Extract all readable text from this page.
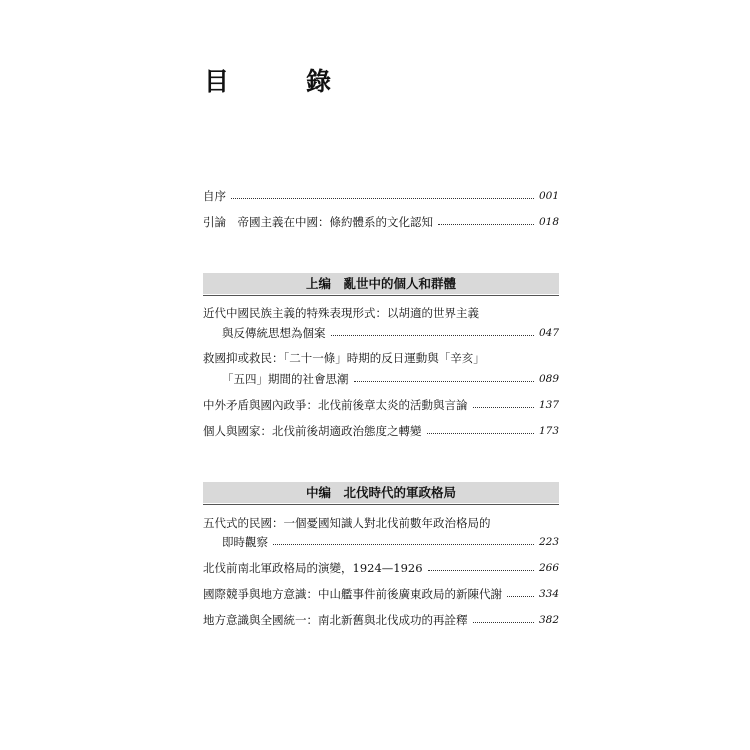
目　錄
自序	001
引論　帝國主義在中國：條約體系的文化認知	018
上编　亂世中的個人和群體
近代中國民族主義的特殊表現形式：以胡適的世界主義
與反傳統思想為個案	047
救國抑或救民：「二十一條」時期的反日運動與「辛亥」
「五四」期間的社會思潮	089
中外矛盾與國內政爭：北伐前後章太炎的活動與言論	137
個人與國家：北伐前後胡適政治態度之轉變	173
中编　北伐時代的軍政格局
五代式的民國：一個憂國知識人對北伐前數年政治格局的
即時觀察	223
北伐前南北軍政格局的演變，1924—1926	266
國際競爭與地方意識：中山艦事件前後廣東政局的新陳代謝	334
地方意識與全國統一：南北新舊與北伐成功的再詮釋	382
